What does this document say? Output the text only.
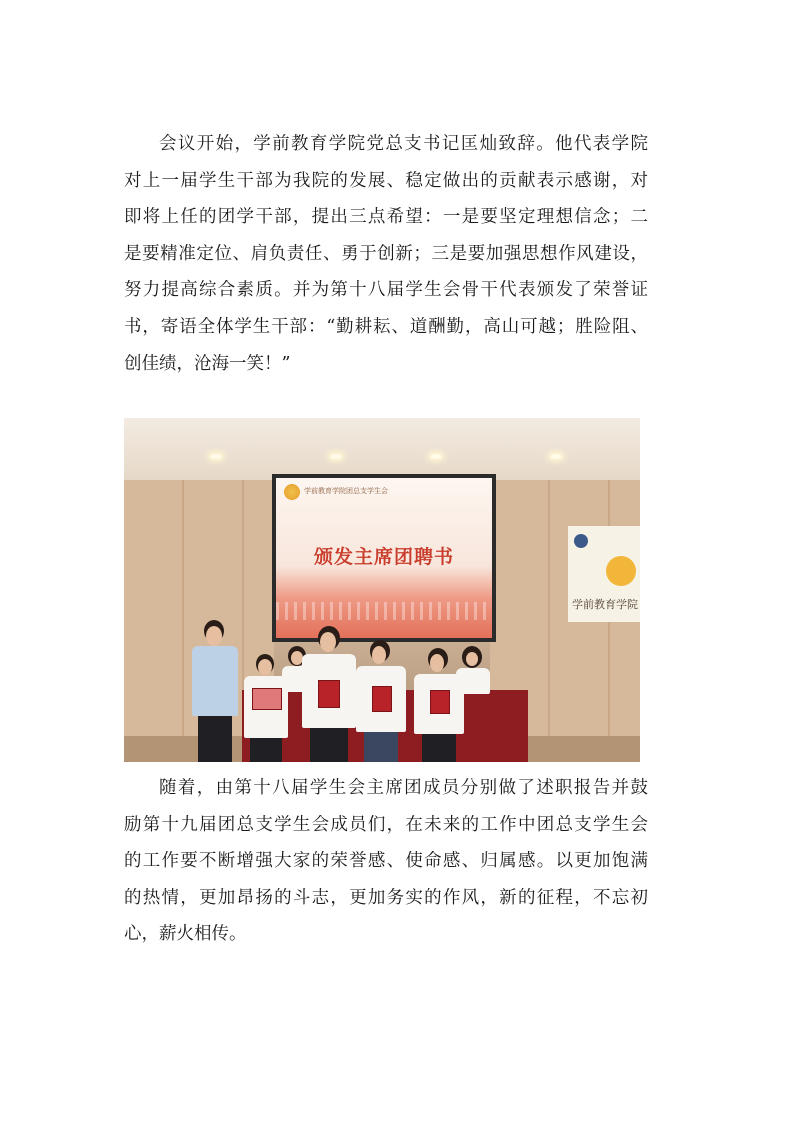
会议开始，学前教育学院党总支书记匡灿致辞。他代表学院
对上一届学生干部为我院的发展、稳定做出的贡献表示感谢，对
即将上任的团学干部，提出三点希望：一是要坚定理想信念；二
是要精准定位、肩负责任、勇于创新；三是要加强思想作风建设，
努力提高综合素质。并为第十八届学生会骨干代表颁发了荣誉证
书，寄语全体学生干部：“勤耕耘、道酬勤，高山可越；胜险阻、
创佳绩，沧海一笑！”
学前教育学院团总支学生会
颁发主席团聘书
学前教育学院
随着，由第十八届学生会主席团成员分别做了述职报告并鼓
励第十九届团总支学生会成员们，在未来的工作中团总支学生会
的工作要不断增强大家的荣誉感、使命感、归属感。以更加饱满
的热情，更加昂扬的斗志，更加务实的作风，新的征程，不忘初
心，薪火相传。
